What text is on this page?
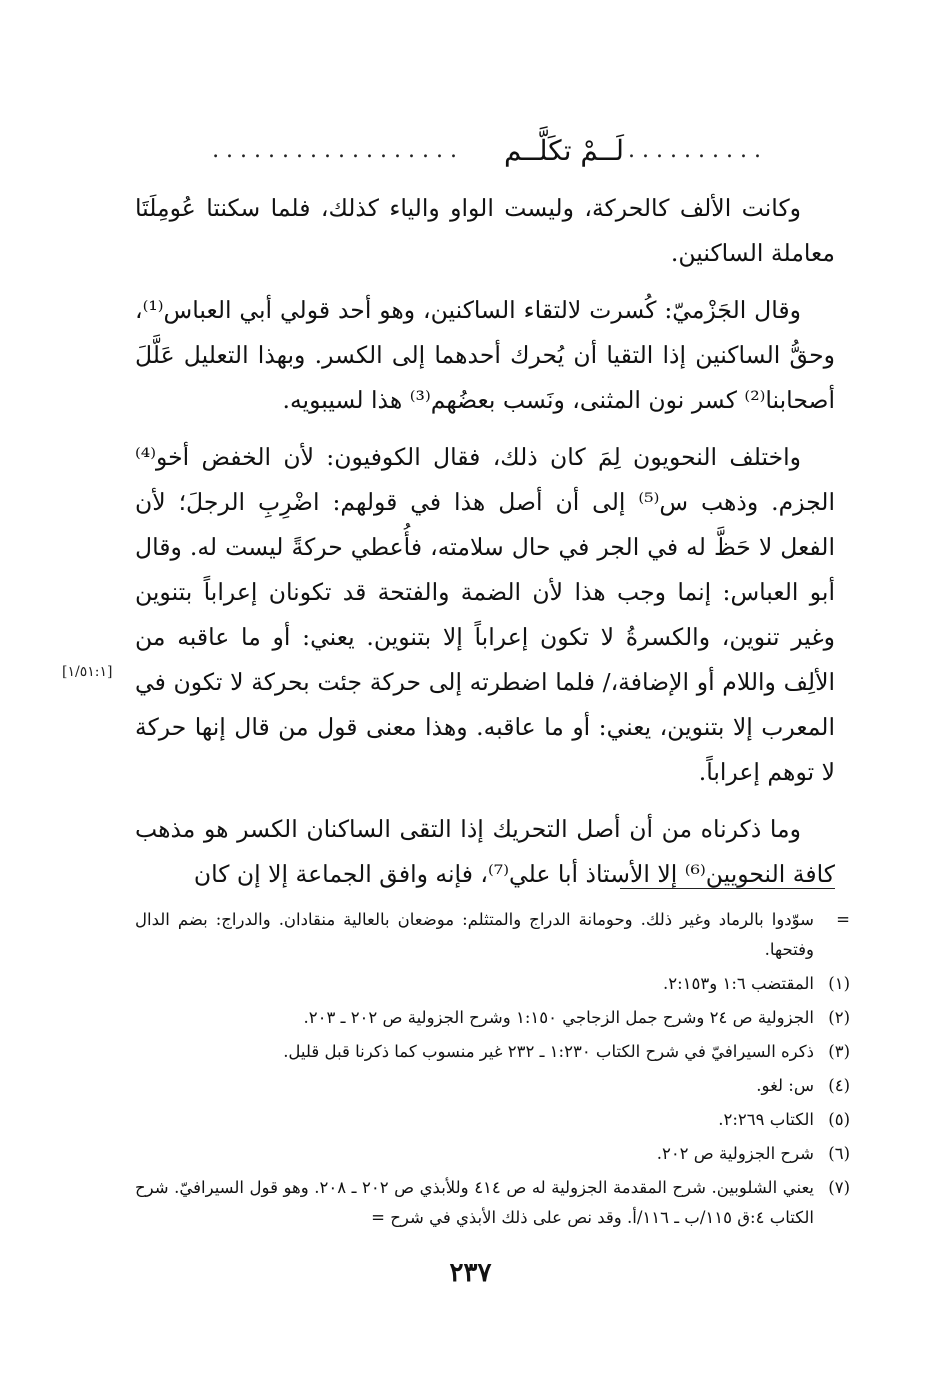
..........
لَــمْ تكَلَّــم
..................

وكانت الألف كالحركة، وليست الواو والياء كذلك، فلما سكنتا عُومِلَتَا معاملة الساكنين.

وقال الجَزْميّ: كُسرت لالتقاء الساكنين، وهو أحد قولي أبي العباس⁽¹⁾، وحقُّ الساكنين إذا التقيا أن يُحرك أحدهما إلى الكسر. وبهذا التعليل عَلَّلَ أصحابنا⁽²⁾ كسر نون المثنى، ونَسب بعضُهم⁽³⁾ هذا لسيبويه.

واختلف النحويون لِمَ كان ذلك، فقال الكوفيون: لأن الخفض أخو⁽⁴⁾ الجزم. وذهب س⁽⁵⁾ إلى أن أصل هذا في قولهم: اضْرِبِ الرجلَ؛ لأن الفعل لا حَظَّ له في الجر في حال سلامته، فأُعطي حركةً ليست له. وقال أبو العباس: إنما وجب هذا لأن الضمة والفتحة قد تكونان إعراباً بتنوين وغير تنوين، والكسرةُ لا تكون إعراباً إلا بتنوين. يعني: أو ما عاقبه من الألِف واللام أو الإضافة،/ فلما اضطرته إلى حركة جئت بحركة لا تكون في المعرب إلا بتنوين، يعني: أو ما عاقبه. وهذا معنى قول من قال إنها حركة لا توهم إعراباً.

وما ذكرناه من أن أصل التحريك إذا التقى الساكنان الكسر هو مذهب كافة النحويين⁽⁶⁾ إلا الأستاذ أبا علي⁽⁷⁾، فإنه وافق الجماعة إلا إن كان

[١/٥١:١]
=
سوّدوا بالرماد وغير ذلك. وحومانة الدراج والمتثلم: موضعان بالعالية منقادان. والدراج: بضم الدال وفتحها.
(١)
المقتضب ١:٦ و٢:١٥٣.
(٢)
الجزولية ص ٢٤ وشرح جمل الزجاجي ١:١٥٠ وشرح الجزولية ص ٢٠٢ ـ ٢٠٣.
(٣)
ذكره السيرافيّ في شرح الكتاب ١:٢٣٠ ـ ٢٣٢ غير منسوب كما ذكرنا قبل قليل.
(٤)
س: لغو.
(٥)
الكتاب ٢:٢٦٩.
(٦)
شرح الجزولية ص ٢٠٢.
(٧)
يعني الشلوبين. شرح المقدمة الجزولية له ص ٤١٤ وللأبذي ص ٢٠٢ ـ ٢٠٨. وهو قول السيرافيّ. شرح الكتاب ٤:ق ١١٥/ب ـ ١١٦/أ. وقد نص على ذلك الأبذي في شرح =
٢٣٧
